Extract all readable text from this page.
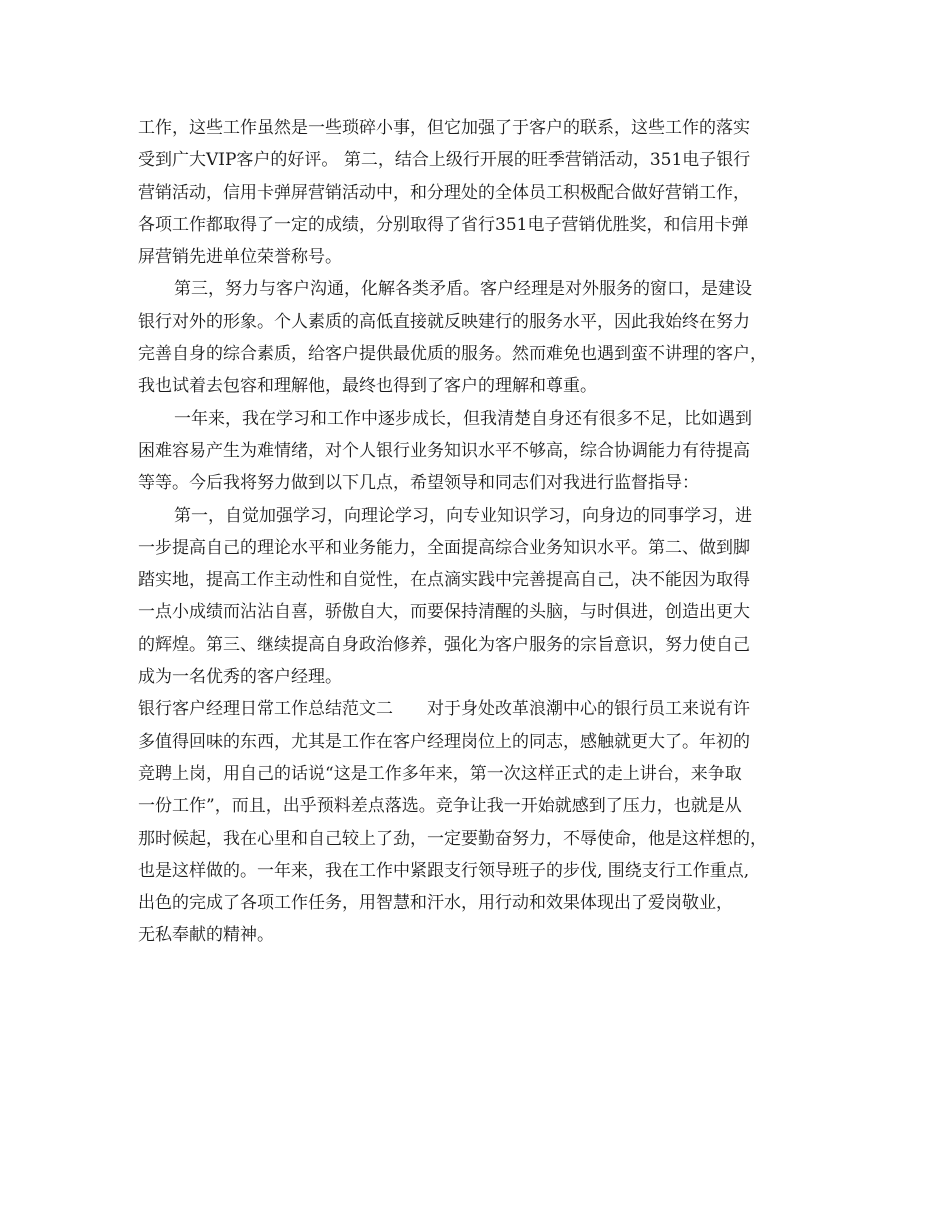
工作，这些工作虽然是一些琐碎小事，但它加强了于客户的联系，这些工作的落实
受到广大VIP客户的好评。 第二，结合上级行开展的旺季营销活动，351电子银行
营销活动，信用卡弹屏营销活动中，和分理处的全体员工积极配合做好营销工作，
各项工作都取得了一定的成绩，分别取得了省行351电子营销优胜奖，和信用卡弹
屏营销先进单位荣誉称号。
第三，努力与客户沟通，化解各类矛盾。客户经理是对外服务的窗口，是建设
银行对外的形象。个人素质的高低直接就反映建行的服务水平，因此我始终在努力
完善自身的综合素质，给客户提供最优质的服务。然而难免也遇到蛮不讲理的客户，
我也试着去包容和理解他，最终也得到了客户的理解和尊重。
一年来，我在学习和工作中逐步成长，但我清楚自身还有很多不足，比如遇到
困难容易产生为难情绪，对个人银行业务知识水平不够高，综合协调能力有待提高
等等。今后我将努力做到以下几点，希望领导和同志们对我进行监督指导：
第一，自觉加强学习，向理论学习，向专业知识学习，向身边的同事学习，进
一步提高自己的理论水平和业务能力，全面提高综合业务知识水平。第二、做到脚
踏实地，提高工作主动性和自觉性，在点滴实践中完善提高自己，决不能因为取得
一点小成绩而沾沾自喜，骄傲自大，而要保持清醒的头脑，与时俱进，创造出更大
的辉煌。第三、继续提高自身政治修养，强化为客户服务的宗旨意识，努力使自己
成为一名优秀的客户经理。
银行客户经理日常工作总结范文二　　对于身处改革浪潮中心的银行员工来说有许
多值得回味的东西，尤其是工作在客户经理岗位上的同志，感触就更大了。年初的
竞聘上岗，用自己的话说“这是工作多年来，第一次这样正式的走上讲台，来争取
一份工作”，而且，出乎预料差点落选。竞争让我一开始就感到了压力，也就是从
那时候起，我在心里和自己较上了劲，一定要勤奋努力，不辱使命，他是这样想的，
也是这样做的。一年来，我在工作中紧跟支行领导班子的步伐, 围绕支行工作重点,
出色的完成了各项工作任务，用智慧和汗水，用行动和效果体现出了爱岗敬业，
无私奉献的精神。
